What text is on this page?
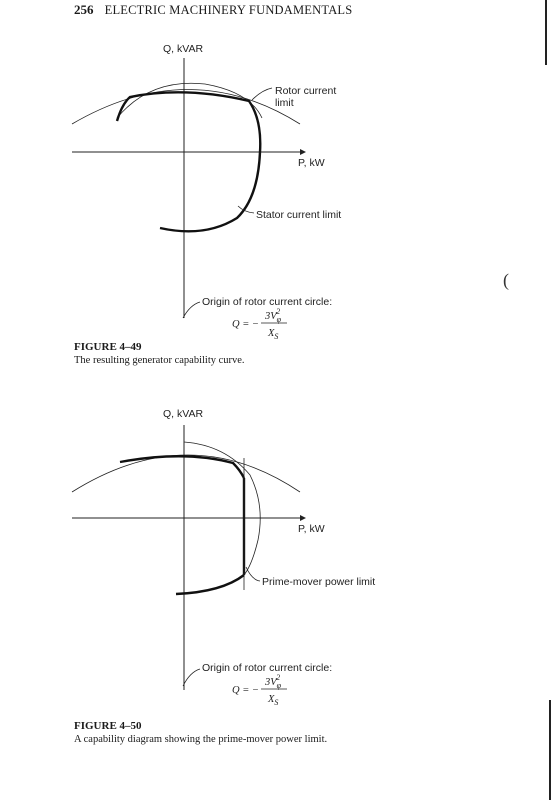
256 ELECTRIC MACHINERY FUNDAMENTALS
(
Q, kVAR
P, kW
Rotor current
limit
Stator current limit
Origin of rotor current circle:
Q = −
$3V_\varphi 2$
$X_S$
FIGURE 4–49
The resulting generator capability curve.
Q, kVAR
P, kW
Prime-mover power limit
Origin of rotor current circle:
Q = −
$3V_\varphi 2$
$X_S$
FIGURE 4–50
A capability diagram showing the prime-mover power limit.
